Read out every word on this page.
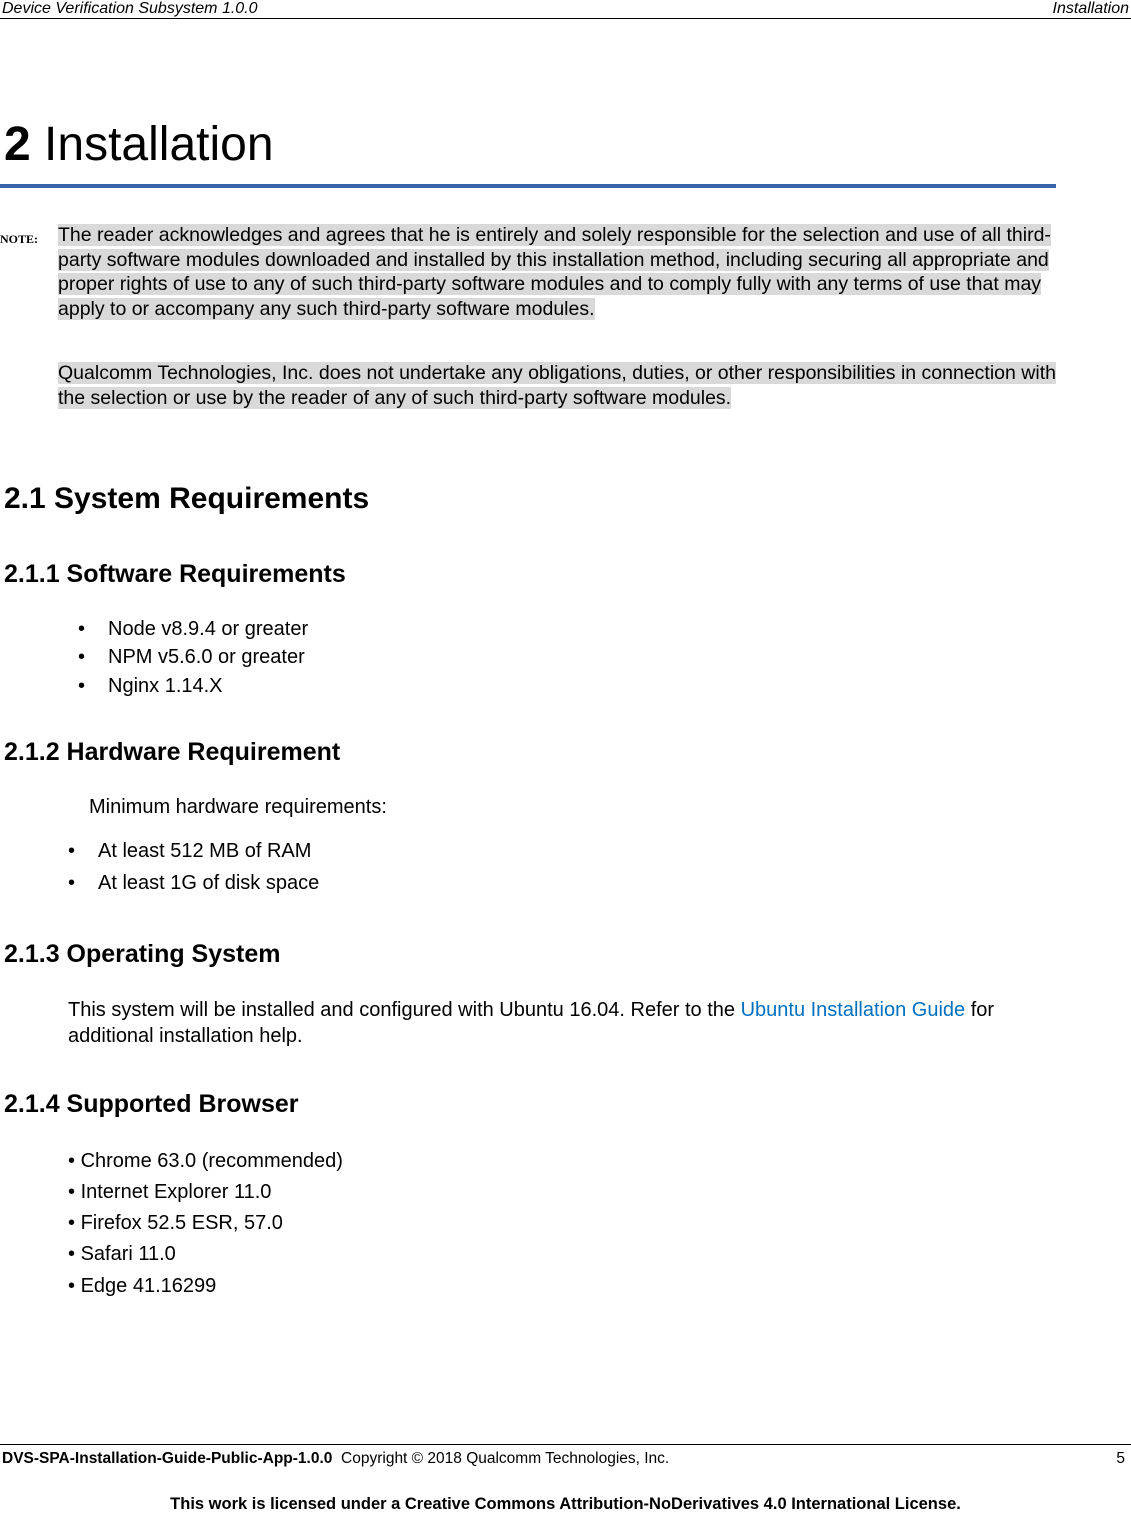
Device Verification Subsystem 1.0.0	Installation
2 Installation
NOTE: The reader acknowledges and agrees that he is entirely and solely responsible for the selection and use of all third-party software modules downloaded and installed by this installation method, including securing all appropriate and proper rights of use to any of such third-party software modules and to comply fully with any terms of use that may apply to or accompany any such third-party software modules.
Qualcomm Technologies, Inc. does not undertake any obligations, duties, or other responsibilities in connection with the selection or use by the reader of any of such third-party software modules.
2.1 System Requirements
2.1.1 Software Requirements
• Node v8.9.4 or greater
• NPM v5.6.0 or greater
• Nginx 1.14.X
2.1.2 Hardware Requirement
Minimum hardware requirements:
• At least 512 MB of RAM
• At least 1G of disk space
2.1.3 Operating System
This system will be installed and configured with Ubuntu 16.04. Refer to the Ubuntu Installation Guide for additional installation help.
2.1.4 Supported Browser
• Chrome 63.0 (recommended)
• Internet Explorer 11.0
• Firefox 52.5 ESR, 57.0
• Safari 11.0
• Edge 41.16299
DVS-SPA-Installation-Guide-Public-App-1.0.0 Copyright © 2018 Qualcomm Technologies, Inc.	5
This work is licensed under a Creative Commons Attribution-NoDerivatives 4.0 International License.
